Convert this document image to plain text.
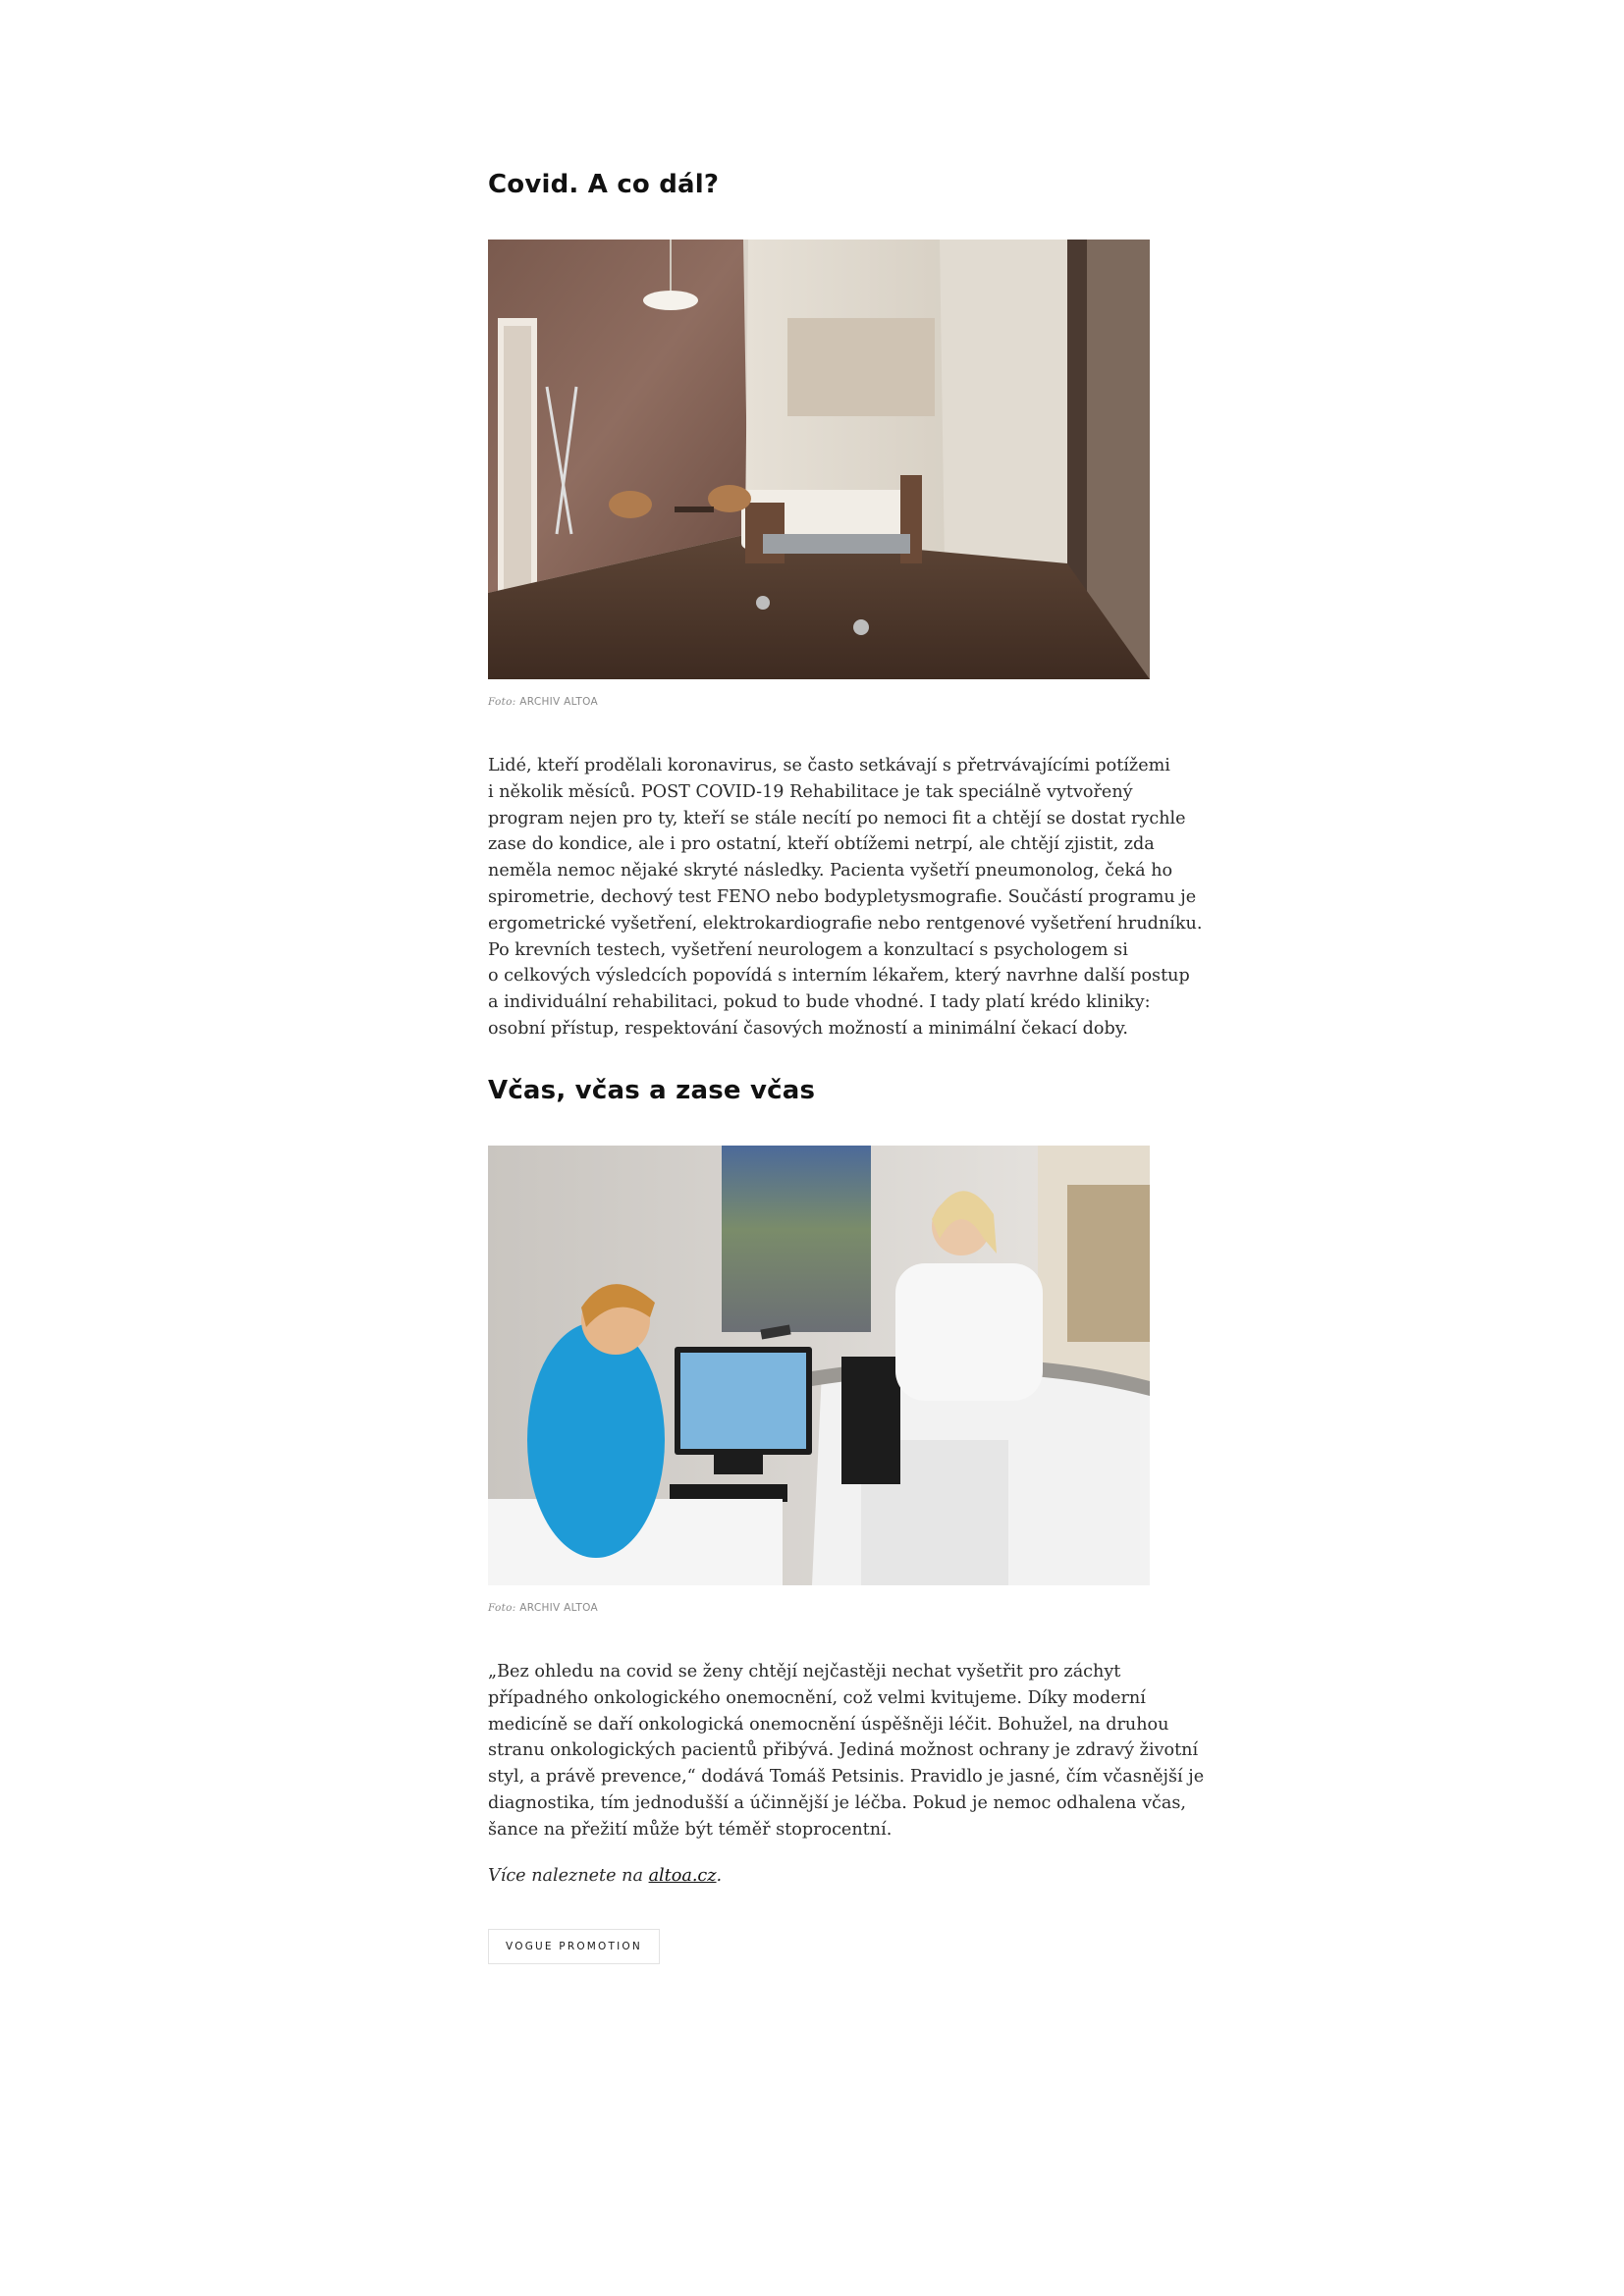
Covid. A co dál?
Foto: ARCHIV ALTOA

Lidé, kteří prodělali koronavirus, se často setkávají s přetrvávajícími potížemi
i několik měsíců. POST COVID-19 Rehabilitace je tak speciálně vytvořený
program nejen pro ty, kteří se stále necítí po nemoci fit a chtějí se dostat rychle
zase do kondice, ale i pro ostatní, kteří obtížemi netrpí, ale chtějí zjistit, zda
neměla nemoc nějaké skryté následky. Pacienta vyšetří pneumonolog, čeká ho
spirometrie, dechový test FENO nebo bodypletysmografie. Součástí programu je
ergometrické vyšetření, elektrokardiografie nebo rentgenové vyšetření hrudníku.
Po krevních testech, vyšetření neurologem a konzultací s psychologem si
o celkových výsledcích popovídá s interním lékařem, který navrhne další postup
a individuální rehabilitaci, pokud to bude vhodné. I tady platí krédo kliniky:
osobní přístup, respektování časových možností a minimální čekací doby.

Včas, včas a zase včas
Foto: ARCHIV ALTOA

„Bez ohledu na covid se ženy chtějí nejčastěji nechat vyšetřit pro záchyt
případného onkologického onemocnění, což velmi kvitujeme. Díky moderní
medicíně se daří onkologická onemocnění úspěšněji léčit. Bohužel, na druhou
stranu onkologických pacientů přibývá. Jediná možnost ochrany je zdravý životní
styl, a právě prevence,“ dodává Tomáš Petsinis. Pravidlo je jasné, čím včasnější je
diagnostika, tím jednodušší a účinnější je léčba. Pokud je nemoc odhalena včas,
šance na přežití může být téměř stoprocentní.

Více naleznete na altoa.cz.

VOGUE PROMOTION
